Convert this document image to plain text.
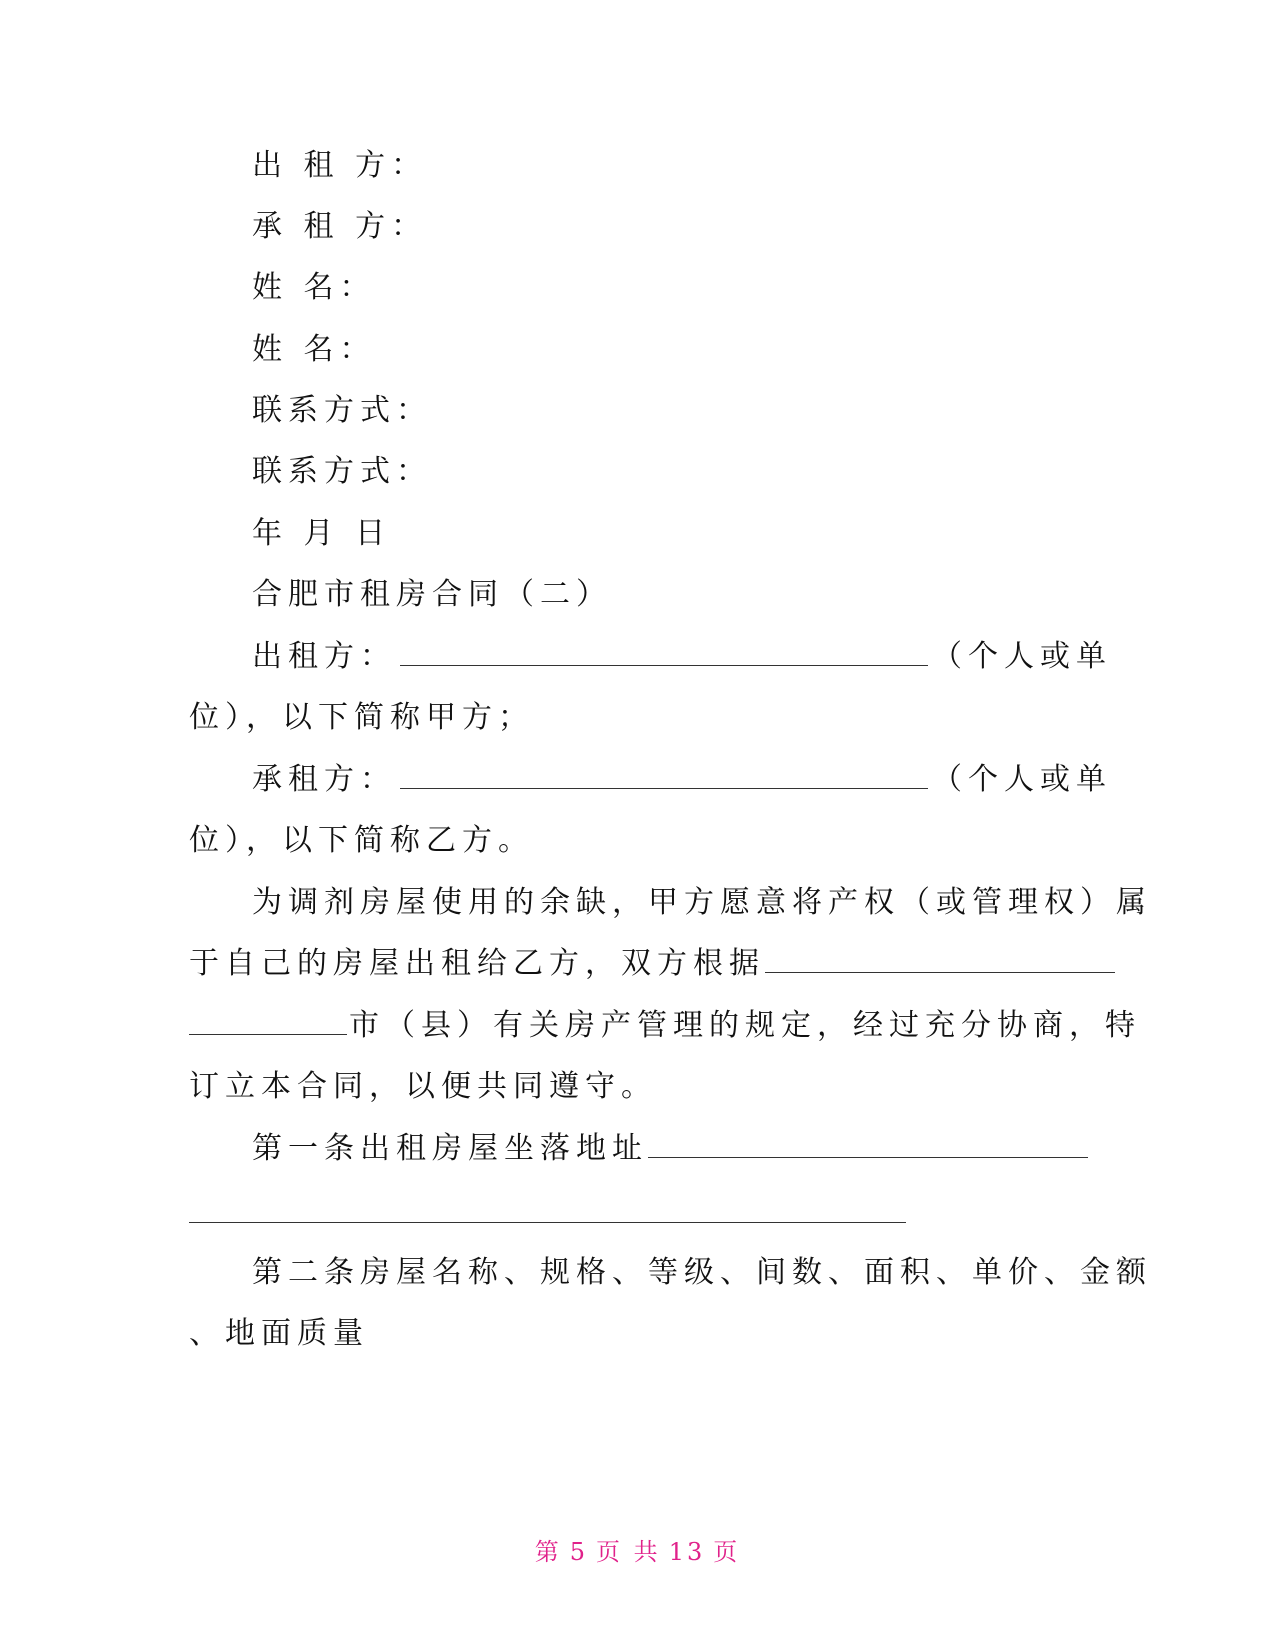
出 租 方：
承 租 方：
姓 名：
姓 名：
联系方式：
联系方式：
年 月 日
合肥市租房合同（二）
出租方：	（个人或单
位），以下简称甲方；
承租方：	（个人或单
位），以下简称乙方。
为调剂房屋使用的余缺，甲方愿意将产权（或管理权）属
于自己的房屋出租给乙方，双方根据
市（县）有关房产管理的规定，经过充分协商，特
订立本合同，以便共同遵守。
第一条出租房屋坐落地址
第二条房屋名称、规格、等级、间数、面积、单价、金额
、地面质量
第 5 页 共 13 页
